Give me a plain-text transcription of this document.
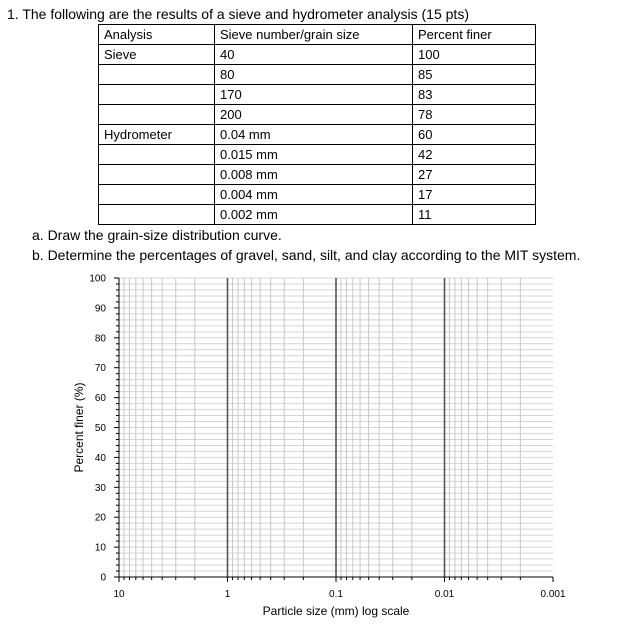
1. The following are the results of a sieve and hydrometer analysis (15 pts)
Analysis	Sieve number/grain size	Percent finer
Sieve	40	100
	80	85
	170	83
	200	78
Hydrometer	0.04 mm	60
	0.015 mm	42
	0.008 mm	27
	0.004 mm	17
	0.002 mm	11
a. Draw the grain-size distribution curve.
b. Determine the percentages of gravel, sand, silt, and clay according to the MIT system.
0
10
20
30
40
50
60
70
80
90
100
10	1	0.1	0.01	0.001
Particle size (mm) log scale
Percent finer (%)
